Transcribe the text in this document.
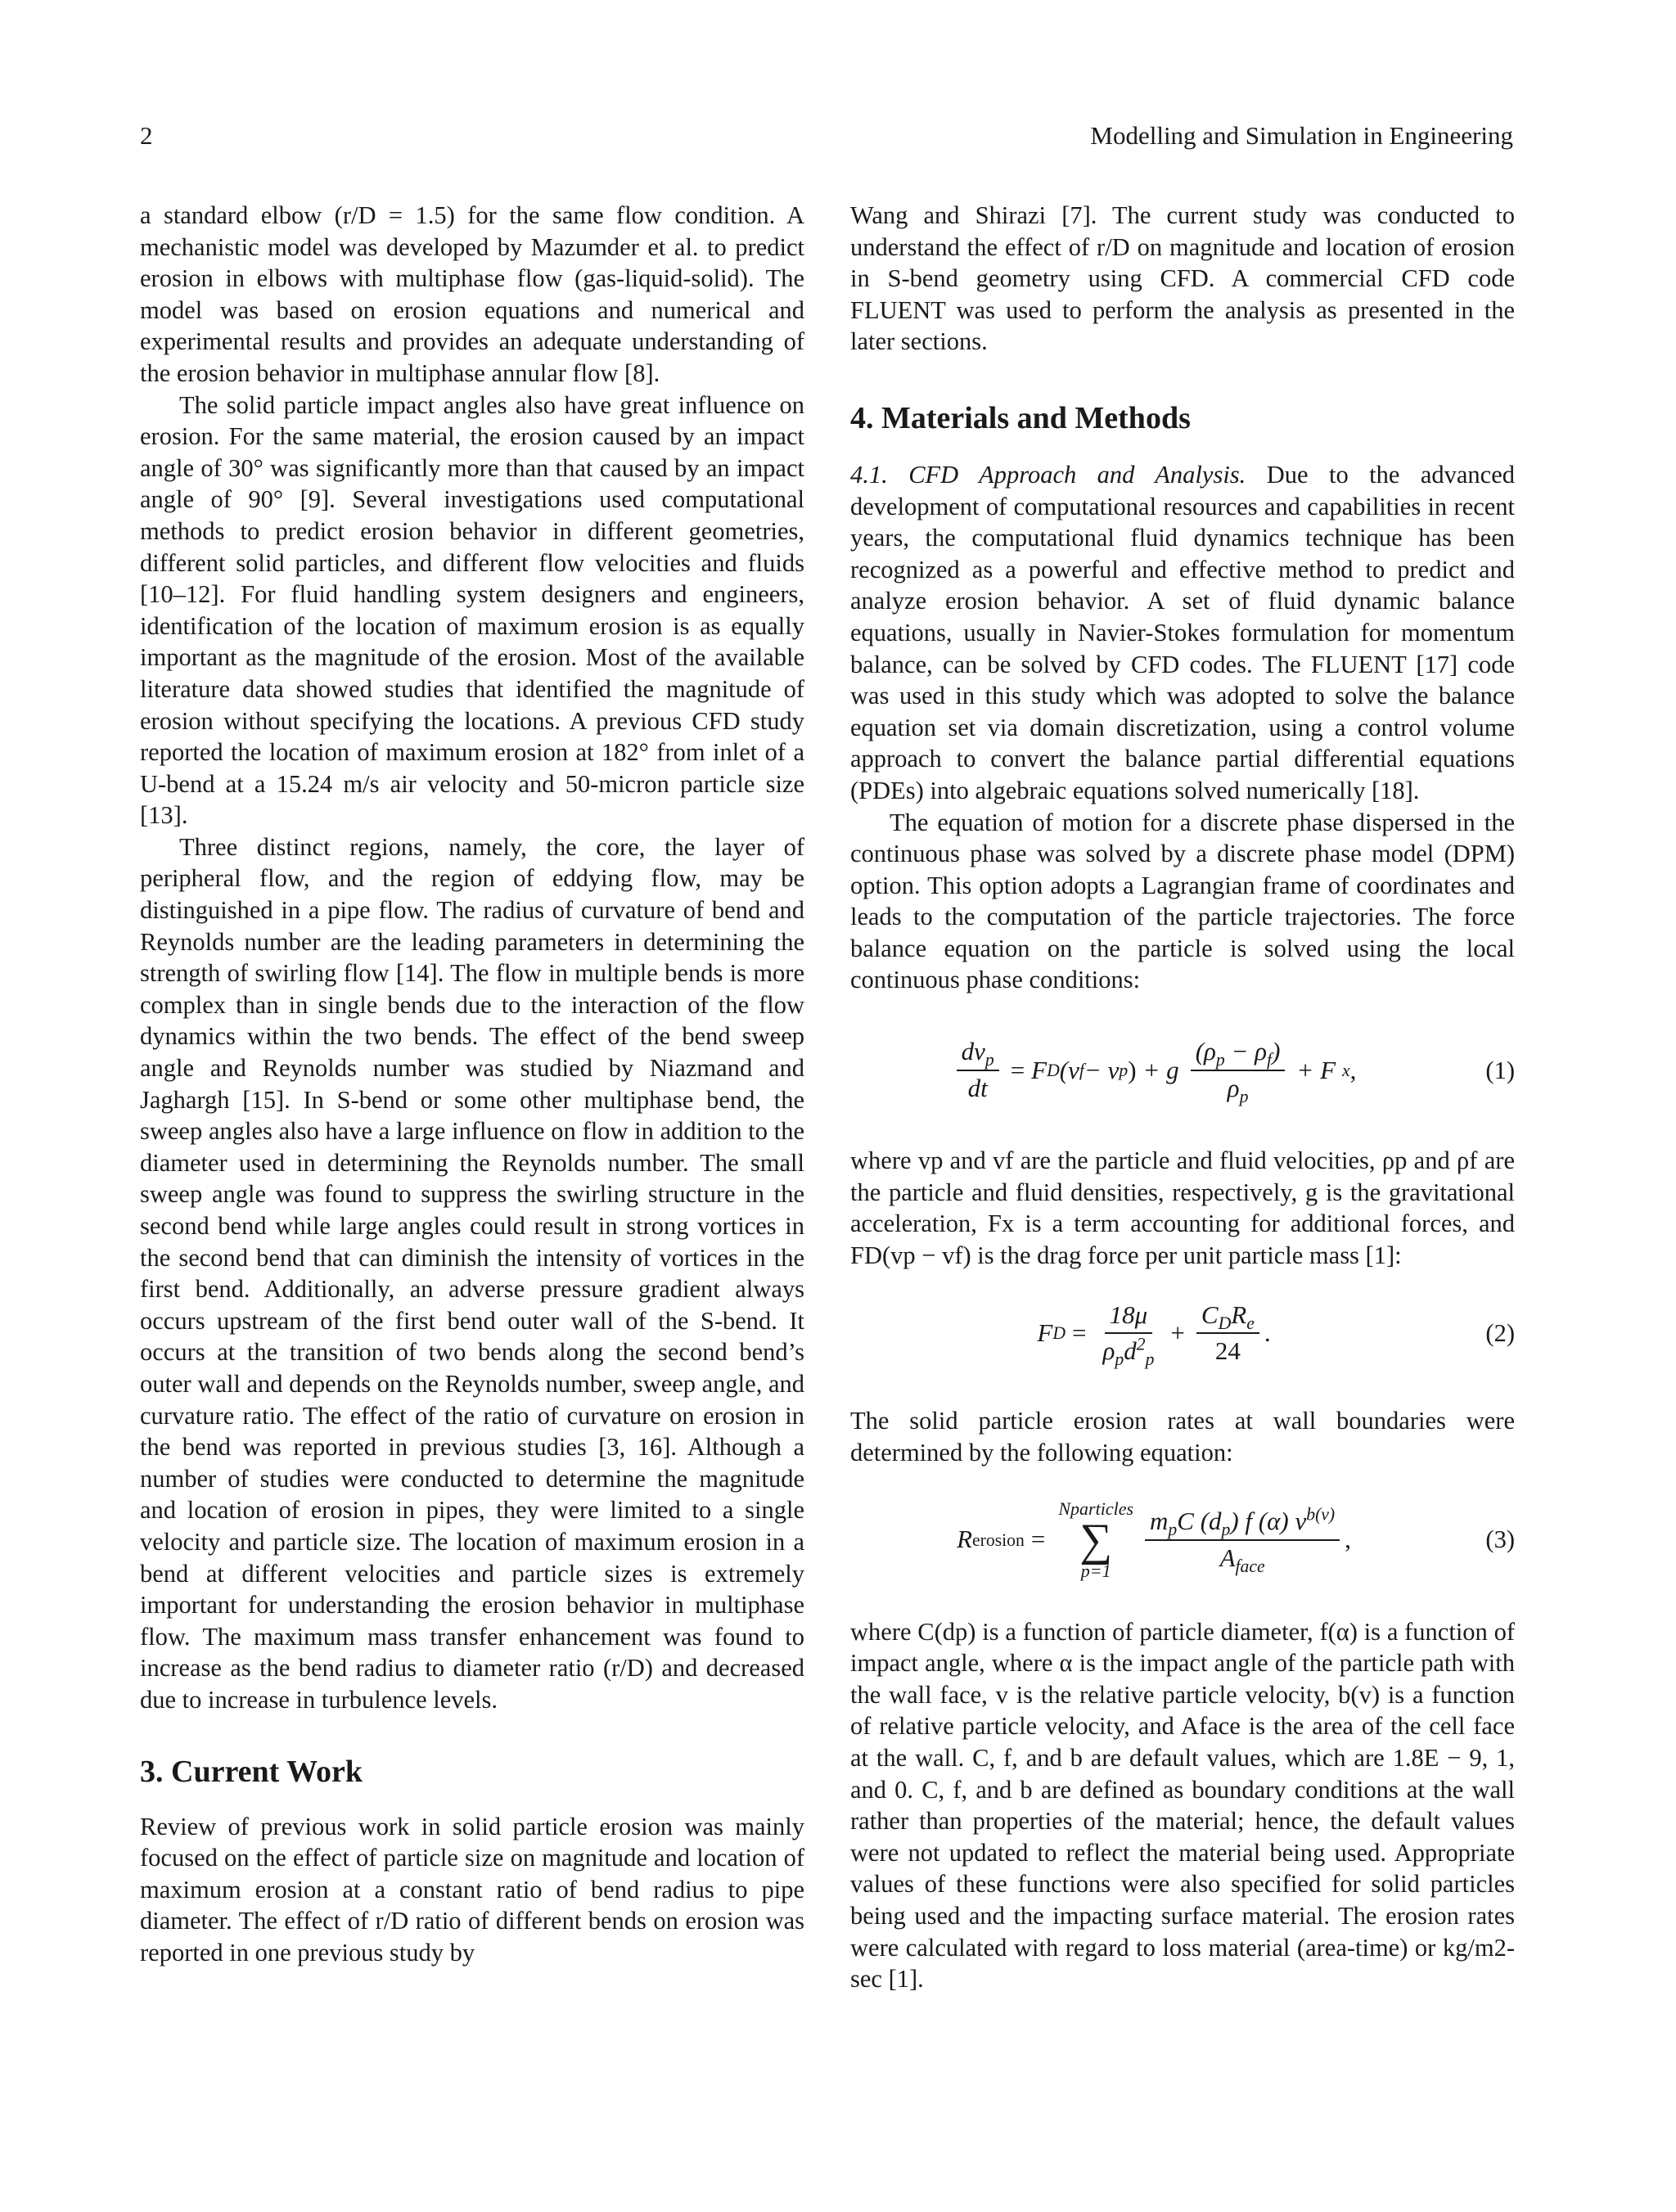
2	Modelling and Simulation in Engineering

a standard elbow (r/D = 1.5) for the same flow condition. A mechanistic model was developed by Mazumder et al. to predict erosion in elbows with multiphase flow (gas-liquid-solid). The model was based on erosion equations and numerical and experimental results and provides an adequate understanding of the erosion behavior in multiphase annular flow [8].

The solid particle impact angles also have great influence on erosion. For the same material, the erosion caused by an impact angle of 30° was significantly more than that caused by an impact angle of 90° [9]. Several investigations used computational methods to predict erosion behavior in different geometries, different solid particles, and different flow velocities and fluids [10–12]. For fluid handling system designers and engineers, identification of the location of maximum erosion is as equally important as the magnitude of the erosion. Most of the available literature data showed studies that identified the magnitude of erosion without specifying the locations. A previous CFD study reported the location of maximum erosion at 182° from inlet of a U-bend at a 15.24 m/s air velocity and 50-micron particle size [13].

Three distinct regions, namely, the core, the layer of peripheral flow, and the region of eddying flow, may be distinguished in a pipe flow. The radius of curvature of bend and Reynolds number are the leading parameters in determining the strength of swirling flow [14]. The flow in multiple bends is more complex than in single bends due to the interaction of the flow dynamics within the two bends. The effect of the bend sweep angle and Reynolds number was studied by Niazmand and Jaghargh [15]. In S-bend or some other multiphase bend, the sweep angles also have a large influence on flow in addition to the diameter used in determining the Reynolds number. The small sweep angle was found to suppress the swirling structure in the second bend while large angles could result in strong vortices in the second bend that can diminish the intensity of vortices in the first bend. Additionally, an adverse pressure gradient always occurs upstream of the first bend outer wall of the S-bend. It occurs at the transition of two bends along the second bend’s outer wall and depends on the Reynolds number, sweep angle, and curvature ratio. The effect of the ratio of curvature on erosion in the bend was reported in previous studies [3, 16]. Although a number of studies were conducted to determine the magnitude and location of erosion in pipes, they were limited to a single velocity and particle size. The location of maximum erosion in a bend at different velocities and particle sizes is extremely important for understanding the erosion behavior in multiphase flow. The maximum mass transfer enhancement was found to increase as the bend radius to diameter ratio (r/D) and decreased due to increase in turbulence levels.

3. Current Work

Review of previous work in solid particle erosion was mainly focused on the effect of particle size on magnitude and location of maximum erosion at a constant ratio of bend radius to pipe diameter. The effect of r/D ratio of different bends on erosion was reported in one previous study by

Wang and Shirazi [7]. The current study was conducted to understand the effect of r/D on magnitude and location of erosion in S-bend geometry using CFD. A commercial CFD code FLUENT was used to perform the analysis as presented in the later sections.

4. Materials and Methods

4.1. CFD Approach and Analysis. Due to the advanced development of computational resources and capabilities in recent years, the computational fluid dynamics technique has been recognized as a powerful and effective method to predict and analyze erosion behavior. A set of fluid dynamic balance equations, usually in Navier-Stokes formulation for momentum balance, can be solved by CFD codes. The FLUENT [17] code was used in this study which was adopted to solve the balance equation set via domain discretization, using a control volume approach to convert the balance partial differential equations (PDEs) into algebraic equations solved numerically [18].

The equation of motion for a discrete phase dispersed in the continuous phase was solved by a discrete phase model (DPM) option. This option adopts a Lagrangian frame of coordinates and leads to the computation of the particle trajectories. The force balance equation on the particle is solved using the local continuous phase conditions:

$\frac{dv_p}{dt} = F$ D (v f − v p ) + g $\frac{(\rho_p - \rho_f)}{\rho_p} + F$ x ,	(1)

where vp and vf are the particle and fluid velocities, ρp and ρf are the particle and fluid densities, respectively, g is the gravitational acceleration, Fx is a term accounting for additional forces, and FD(vp − vf) is the drag force per unit particle mass [1]:

F $D = \frac{18\mu}{\rho_pd^2_p} + \frac{C_DR_e}{24}$ .	(2)

The solid particle erosion rates at wall boundaries were determined by the following equation:

R erosion =
Nparticles
∑
$p=1 \frac{m_pC (d_p) f (\alpha) v^{b(v)}}{A_{face}}$ ,	(3)

where C(dp) is a function of particle diameter, f(α) is a function of impact angle, where α is the impact angle of the particle path with the wall face, v is the relative particle velocity, b(v) is a function of relative particle velocity, and Aface is the area of the cell face at the wall. C, f, and b are default values, which are 1.8E − 9, 1, and 0. C, f, and b are defined as boundary conditions at the wall rather than properties of the material; hence, the default values were not updated to reflect the material being used. Appropriate values of these functions were also specified for solid particles being used and the impacting surface material. The erosion rates were calculated with regard to loss material (area-time) or kg/m2-sec [1].
